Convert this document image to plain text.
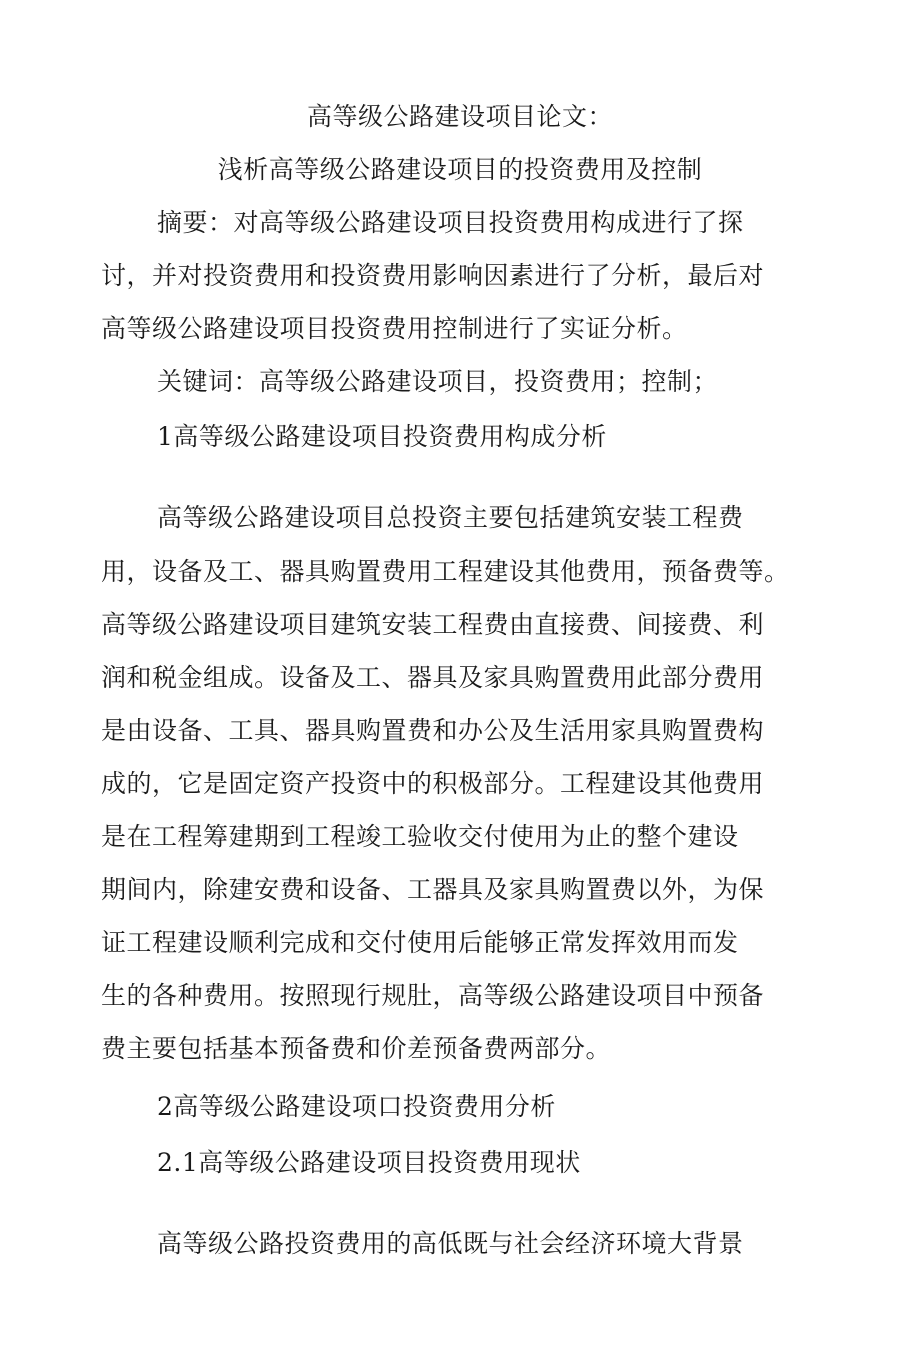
高等级公路建设项目论文：
浅析高等级公路建设项目的投资费用及控制
摘要：对高等级公路建设项目投资费用构成进行了探
讨，并对投资费用和投资费用影响因素进行了分析，最后对
高等级公路建设项目投资费用控制进行了实证分析。
关键词：高等级公路建设项目，投资费用；控制；
1高等级公路建设项目投资费用构成分析
高等级公路建设项目总投资主要包括建筑安装工程费
用，设备及工、器具购置费用工程建设其他费用，预备费等。
高等级公路建设项目建筑安装工程费由直接费、间接费、利
润和税金组成。设备及工、器具及家具购置费用此部分费用
是由设备、工具、器具购置费和办公及生活用家具购置费构
成的，它是固定资产投资中的积极部分。工程建设其他费用
是在工程筹建期到工程竣工验收交付使用为止的整个建设
期间内，除建安费和设备、工器具及家具购置费以外，为保
证工程建设顺利完成和交付使用后能够正常发挥效用而发
生的各种费用。按照现行规肚，高等级公路建设项目中预备
费主要包括基本预备费和价差预备费两部分。
2高等级公路建设项口投资费用分析
2.1高等级公路建设项目投资费用现状
高等级公路投资费用的高低既与社会经济环境大背景
